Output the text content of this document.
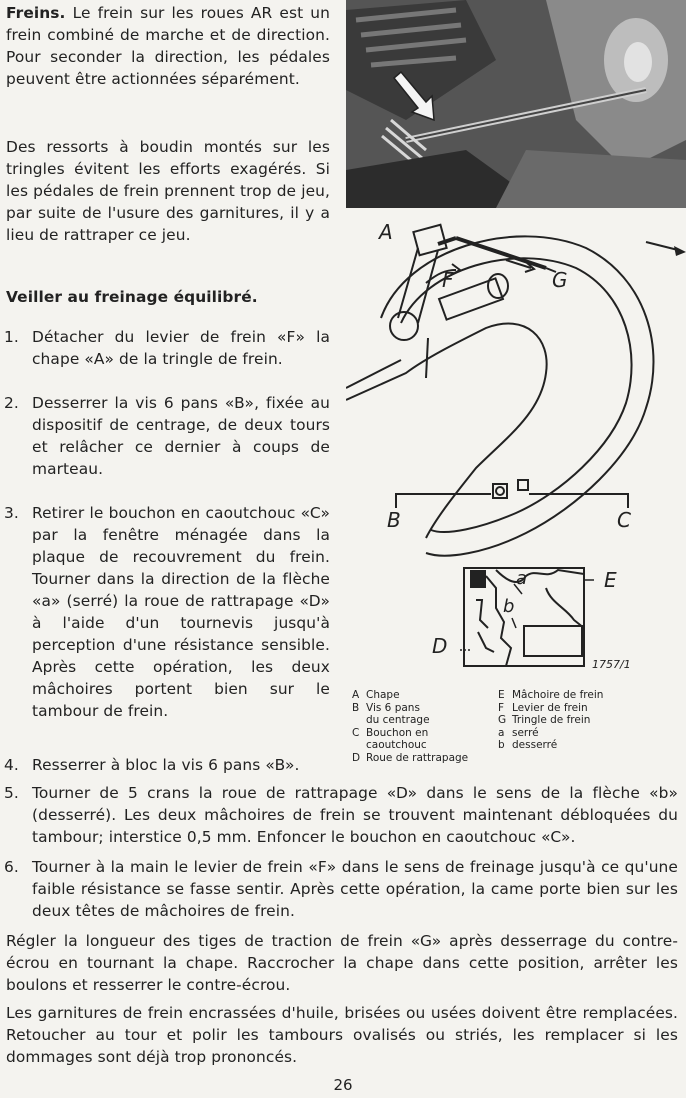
Freins. Le frein sur les roues AR est un frein combiné de marche et de direction. Pour seconder la direction, les pédales peuvent être actionnées séparément.
Des ressorts à boudin montés sur les tringles évitent les efforts exagérés. Si les pédales de frein prennent trop de jeu, par suite de l'usure des garnitures, il y a lieu de rattraper ce jeu.
Veiller au freinage équilibré.
1. Détacher du levier de frein «F» la chape «A» de la tringle de frein.
2. Desserrer la vis 6 pans «B», fixée au dispositif de centrage, de deux tours et relâcher ce dernier à coups de marteau.
3. Retirer le bouchon en caoutchouc «C» par la fenêtre ménagée dans la plaque de recouvrement du frein. Tourner dans la direction de la flèche «a» (serré) la roue de rattrapage «D» à l'aide d'un tournevis jusqu'à perception d'une résistance sensible. Après cette opération, les deux mâchoires portent bien sur le tambour de frein.
4. Resserrer à bloc la vis 6 pans «B».
5. Tourner de 5 crans la roue de rattrapage «D» dans le sens de la flèche «b» (desserré). Les deux mâchoires de frein se trouvent maintenant débloquées du tambour; interstice 0,5 mm. Enfoncer le bouchon en caoutchouc «C».
6. Tourner à la main le levier de frein «F» dans le sens de freinage jusqu'à ce qu'une faible résistance se fasse sentir. Après cette opération, la came porte bien sur les deux têtes de mâchoires de frein.
Régler la longueur des tiges de traction de frein «G» après desserrage du contre-écrou en tournant la chape. Raccrocher la chape dans cette position, arrêter les boulons et resserrer le contre-écrou.
Les garnitures de frein encrassées d'huile, brisées ou usées doivent être remplacées. Retoucher au tour et polir les tambours ovalisés ou striés, les remplacer si les dommages sont déjà trop prononcés.
26
A
F	G
B	C
D
E
a
b
1757/1
A Chape
B Vis 6 pans
du centrage
C Bouchon en
caoutchouc
D Roue de rattrapage
E Mâchoire de frein
F Levier de frein
G Tringle de frein
a serré
b desserré
